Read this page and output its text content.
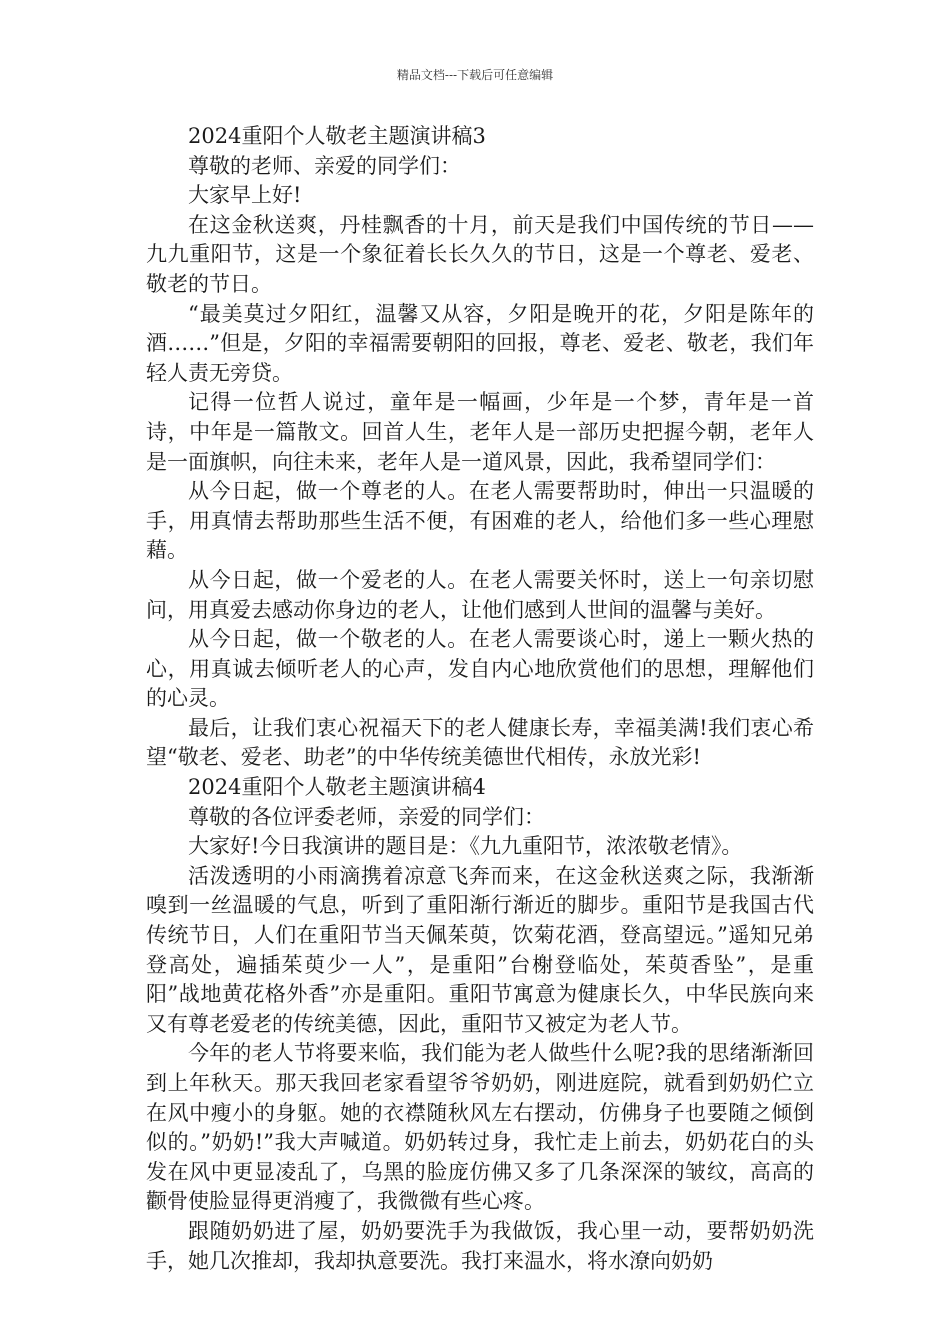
精品文档---下载后可任意编辑

2024重阳个人敬老主题演讲稿3

尊敬的老师、亲爱的同学们：

大家早上好!

在这金秋送爽，丹桂飘香的十月，前天是我们中国传统的节日——九九重阳节，这是一个象征着长长久久的节日，这是一个尊老、爱老、敬老的节日。

“最美莫过夕阳红，温馨又从容，夕阳是晚开的花，夕阳是陈年的酒……”但是，夕阳的幸福需要朝阳的回报，尊老、爱老、敬老，我们年轻人责无旁贷。

记得一位哲人说过，童年是一幅画，少年是一个梦，青年是一首诗，中年是一篇散文。回首人生，老年人是一部历史把握今朝，老年人是一面旗帜，向往未来，老年人是一道风景，因此，我希望同学们：

从今日起，做一个尊老的人。在老人需要帮助时，伸出一只温暖的手，用真情去帮助那些生活不便，有困难的老人，给他们多一些心理慰藉。

从今日起，做一个爱老的人。在老人需要关怀时，送上一句亲切慰问，用真爱去感动你身边的老人，让他们感到人世间的温馨与美好。

从今日起，做一个敬老的人。在老人需要谈心时，递上一颗火热的心，用真诚去倾听老人的心声，发自内心地欣赏他们的思想，理解他们的心灵。

最后，让我们衷心祝福天下的老人健康长寿，幸福美满!我们衷心希望“敬老、爱老、助老”的中华传统美德世代相传，永放光彩!

2024重阳个人敬老主题演讲稿4

尊敬的各位评委老师，亲爱的同学们：

大家好!今日我演讲的题目是：《九九重阳节，浓浓敬老情》。

活泼透明的小雨滴携着凉意飞奔而来，在这金秋送爽之际，我渐渐嗅到一丝温暖的气息，听到了重阳渐行渐近的脚步。重阳节是我国古代传统节日，人们在重阳节当天佩茱萸，饮菊花酒，登高望远。”遥知兄弟登高处，遍插茱萸少一人”，是重阳”台榭登临处，茱萸香坠”，是重阳”战地黄花格外香”亦是重阳。重阳节寓意为健康长久，中华民族向来又有尊老爱老的传统美德，因此，重阳节又被定为老人节。

今年的老人节将要来临，我们能为老人做些什么呢?我的思绪渐渐回到上年秋天。那天我回老家看望爷爷奶奶，刚进庭院，就看到奶奶伫立在风中瘦小的身躯。她的衣襟随秋风左右摆动，仿佛身子也要随之倾倒似的。”奶奶!”我大声喊道。奶奶转过身，我忙走上前去，奶奶花白的头发在风中更显凌乱了，乌黑的脸庞仿佛又多了几条深深的皱纹，高高的颧骨使脸显得更消瘦了，我微微有些心疼。

跟随奶奶进了屋，奶奶要洗手为我做饭，我心里一动，要帮奶奶洗手，她几次推却，我却执意要洗。我打来温水，将水潦向奶奶
